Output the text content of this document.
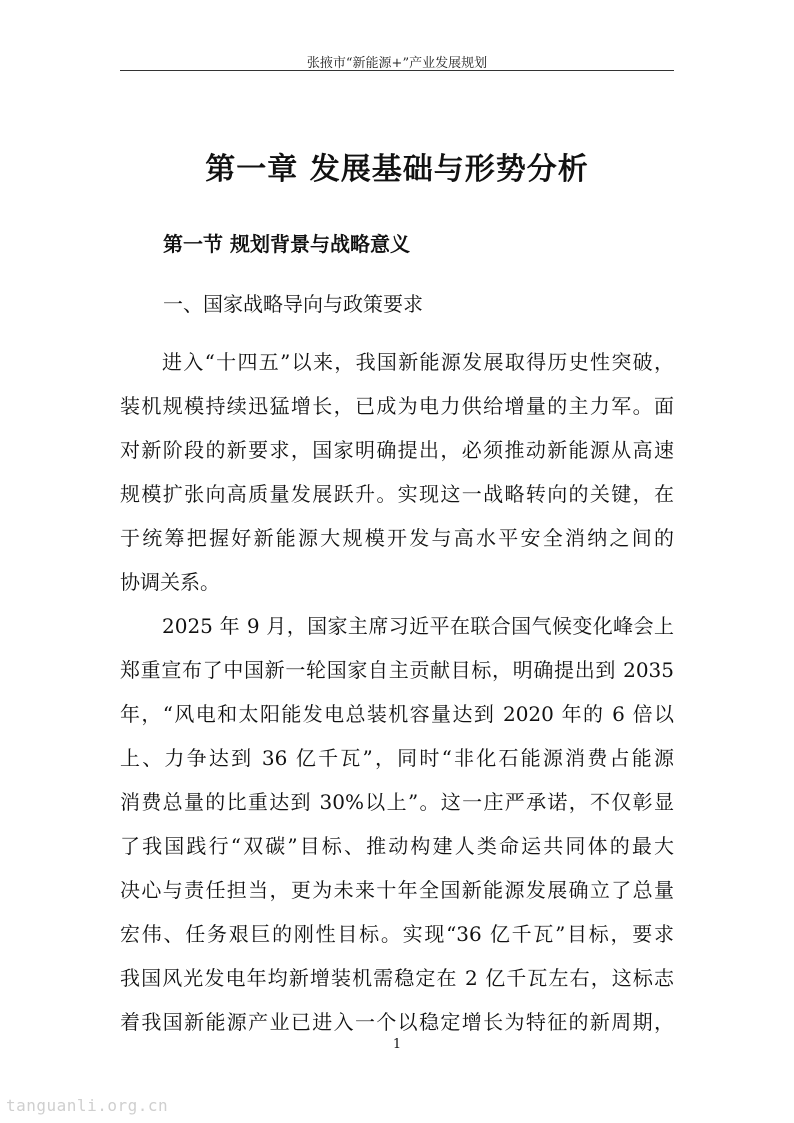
张掖市“新能源+”产业发展规划
第一章 发展基础与形势分析
第一节 规划背景与战略意义
一、国家战略导向与政策要求

进入“十四五”以来，我国新能源发展取得历史性突破，
装机规模持续迅猛增长，已成为电力供给增量的主力军。面
对新阶段的新要求，国家明确提出，必须推动新能源从高速
规模扩张向高质量发展跃升。实现这一战略转向的关键，在
于统筹把握好新能源大规模开发与高水平安全消纳之间的
协调关系。

2025 年 9 月，国家主席习近平在联合国气候变化峰会上
郑重宣布了中国新一轮国家自主贡献目标，明确提出到 2035
年，“风电和太阳能发电总装机容量达到 2020 年的 6 倍以
上、力争达到 36 亿千瓦”，同时“非化石能源消费占能源
消费总量的比重达到 30%以上”。这一庄严承诺，不仅彰显
了我国践行“双碳”目标、推动构建人类命运共同体的最大
决心与责任担当，更为未来十年全国新能源发展确立了总量
宏伟、任务艰巨的刚性目标。实现“36 亿千瓦”目标，要求
我国风光发电年均新增装机需稳定在 2 亿千瓦左右，这标志
着我国新能源产业已进入一个以稳定增长为特征的新周期，

1
tanguanli.org.cn
